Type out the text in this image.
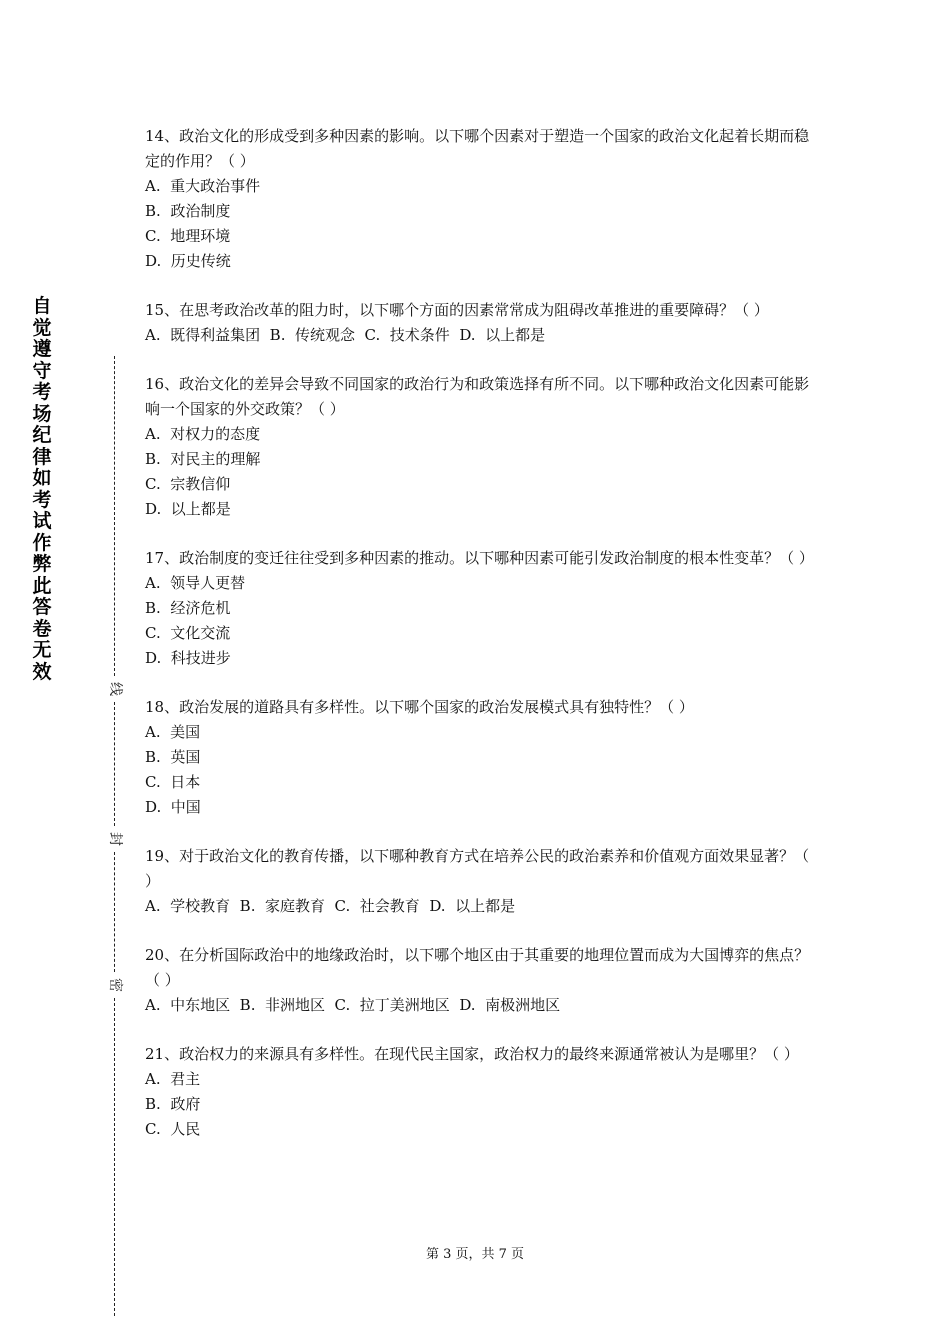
自觉遵守考场纪律如考试作弊此答卷无效
线
封
密

14、政治文化的形成受到多种因素的影响。以下哪个因素对于塑造一个国家的政治文化起着长期而稳定的作用？（ ）

A.  重大政治事件

B.  政治制度

C.  地理环境

D.  历史传统

15、在思考政治改革的阻力时，以下哪个方面的因素常常成为阻碍改革推进的重要障碍？（ ）

A.  既得利益集团  B.  传统观念  C.  技术条件  D.  以上都是

16、政治文化的差异会导致不同国家的政治行为和政策选择有所不同。以下哪种政治文化因素可能影响一个国家的外交政策？（ ）

A.  对权力的态度

B.  对民主的理解

C.  宗教信仰

D.  以上都是

17、政治制度的变迁往往受到多种因素的推动。以下哪种因素可能引发政治制度的根本性变革？（ ）

A.  领导人更替

B.  经济危机

C.  文化交流

D.  科技进步

18、政治发展的道路具有多样性。以下哪个国家的政治发展模式具有独特性？（ ）

A.  美国

B.  英国

C.  日本

D.  中国

19、对于政治文化的教育传播，以下哪种教育方式在培养公民的政治素养和价值观方面效果显著？（ ）

A.  学校教育  B.  家庭教育  C.  社会教育  D.  以上都是

20、在分析国际政治中的地缘政治时，以下哪个地区由于其重要的地理位置而成为大国博弈的焦点？（ ）

A.  中东地区  B.  非洲地区  C.  拉丁美洲地区  D.  南极洲地区

21、政治权力的来源具有多样性。在现代民主国家，政治权力的最终来源通常被认为是哪里？（ ）

A.  君主

B.  政府

C.  人民

第 3 页，共 7 页
